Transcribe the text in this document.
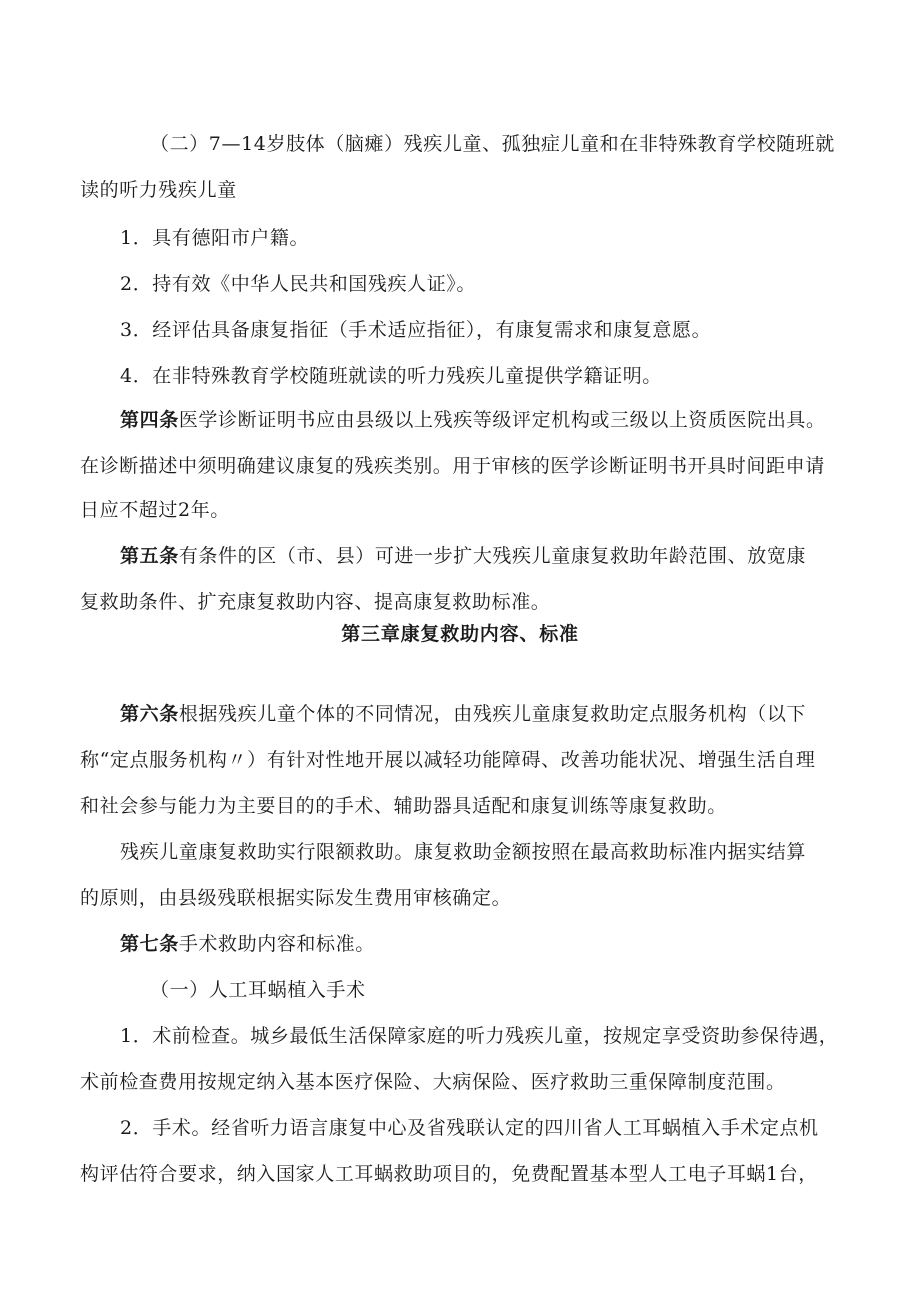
（二）7—14岁肢体（脑瘫）残疾儿童、孤独症儿童和在非特殊教育学校随班就
读的听力残疾儿童
1．具有德阳市户籍。
2．持有效《中华人民共和国残疾人证》。
3．经评估具备康复指征（手术适应指征），有康复需求和康复意愿。
4．在非特殊教育学校随班就读的听力残疾儿童提供学籍证明。
第四条医学诊断证明书应由县级以上残疾等级评定机构或三级以上资质医院出具。
在诊断描述中须明确建议康复的残疾类别。用于审核的医学诊断证明书开具时间距申请
日应不超过2年。
第五条有条件的区（市、县）可进一步扩大残疾儿童康复救助年龄范围、放宽康
复救助条件、扩充康复救助内容、提高康复救助标准。
第三章康复救助内容、标准
第六条根据残疾儿童个体的不同情况，由残疾儿童康复救助定点服务机构（以下
称“定点服务机构〃）有针对性地开展以减轻功能障碍、改善功能状况、增强生活自理
和社会参与能力为主要目的的手术、辅助器具适配和康复训练等康复救助。
残疾儿童康复救助实行限额救助。康复救助金额按照在最高救助标准内据实结算
的原则，由县级残联根据实际发生费用审核确定。
第七条手术救助内容和标准。
（一）人工耳蜗植入手术
1．术前检查。城乡最低生活保障家庭的听力残疾儿童，按规定享受资助参保待遇，
术前检查费用按规定纳入基本医疗保险、大病保险、医疗救助三重保障制度范围。
2．手术。经省听力语言康复中心及省残联认定的四川省人工耳蜗植入手术定点机
构评估符合要求，纳入国家人工耳蜗救助项目的，免费配置基本型人工电子耳蜗1台，
